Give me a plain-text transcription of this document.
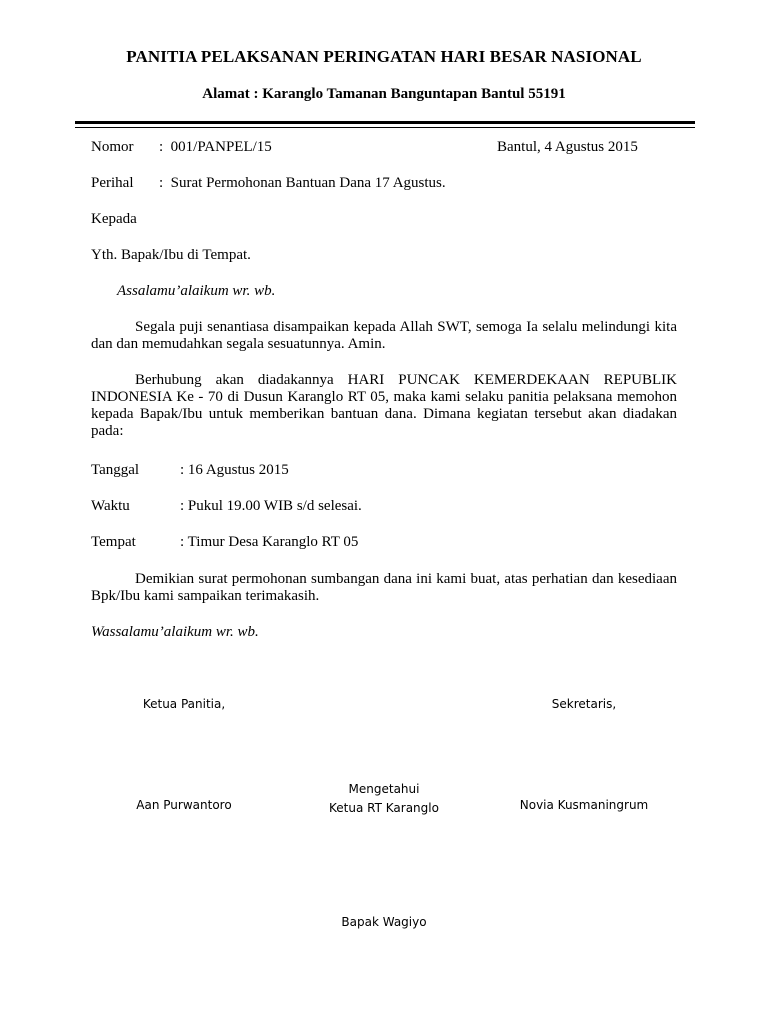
PANITIA PELAKSANAN PERINGATAN HARI BESAR NASIONAL
Alamat : Karanglo Tamanan Banguntapan Bantul 55191
Nomor :  001/PANPEL/15	Bantul, 4 Agustus 2015
Perihal :  Surat Permohonan Bantuan Dana 17 Agustus.
Kepada
Yth. Bapak/Ibu di Tempat.
Assalamu’alaikum wr. wb.
Segala puji senantiasa disampaikan kepada Allah SWT, semoga Ia selalu melindungi kita dan dan memudahkan segala sesuatunnya. Amin.
Berhubung akan diadakannya HARI PUNCAK KEMERDEKAAN REPUBLIK INDONESIA Ke - 70 di Dusun Karanglo RT 05, maka kami selaku panitia pelaksana memohon kepada Bapak/Ibu untuk memberikan bantuan dana. Dimana kegiatan tersebut akan diadakan pada:
Tanggal	: 16 Agustus 2015
Waktu	: Pukul 19.00 WIB s/d selesai.
Tempat	: Timur Desa Karanglo RT 05
Demikian surat permohonan sumbangan dana ini kami buat, atas perhatian dan kesediaan Bpk/Ibu kami sampaikan terimakasih.
Wassalamu’alaikum wr. wb.
Ketua Panitia,	Sekretaris,
Mengetahui
Ketua RT Karanglo
Aan Purwantoro	Novia Kusmaningrum
Bapak Wagiyo
